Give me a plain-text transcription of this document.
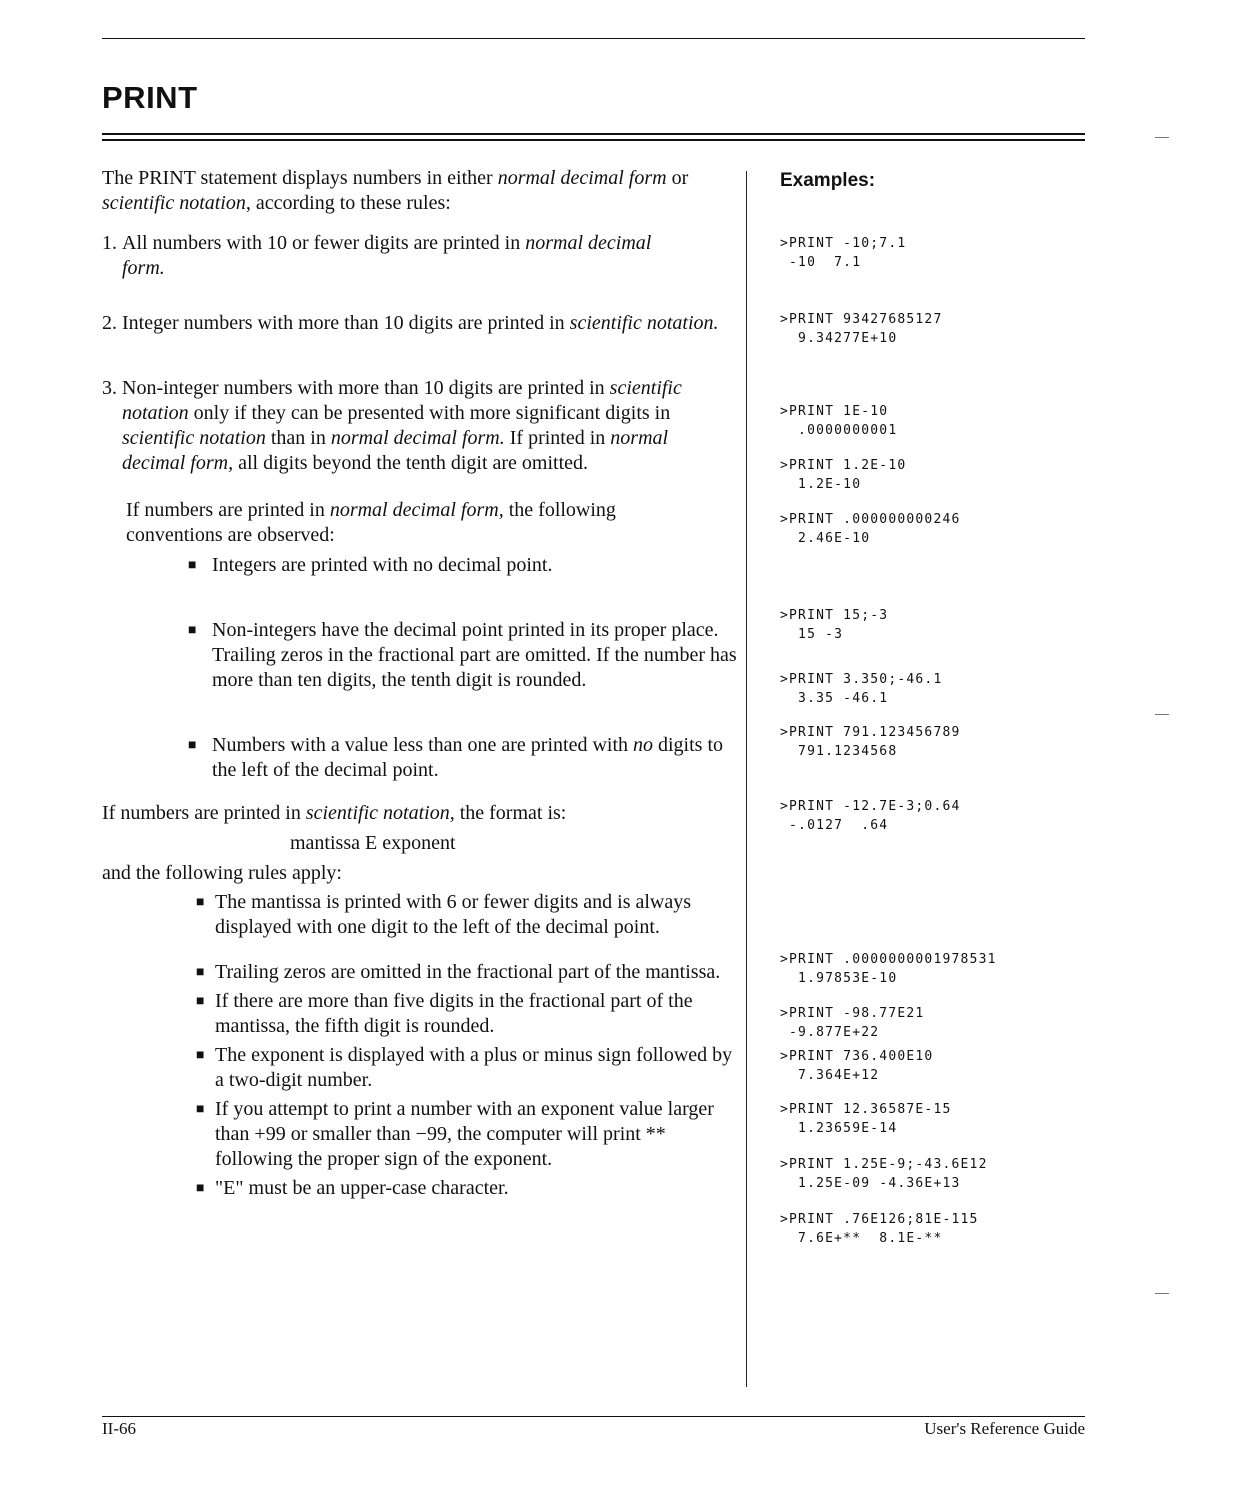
PRINT

The PRINT statement displays numbers in either normal decimal form or scientific notation, according to these rules:

1. All numbers with 10 or fewer digits are printed in normal decimal form.
2. Integer numbers with more than 10 digits are printed in scientific notation.
3. Non-integer numbers with more than 10 digits are printed in scientific notation only if they can be presented with more significant digits in scientific notation than in normal decimal form. If printed in normal decimal form, all digits beyond the tenth digit are omitted.

If numbers are printed in normal decimal form, the following conventions are observed:

■ Integers are printed with no decimal point.
■ Non-integers have the decimal point printed in its proper place. Trailing zeros in the fractional part are omitted. If the number has more than ten digits, the tenth digit is rounded.
■ Numbers with a value less than one are printed with no digits to the left of the decimal point.

If numbers are printed in scientific notation, the format is:

mantissa E exponent

and the following rules apply:

■ The mantissa is printed with 6 or fewer digits and is always displayed with one digit to the left of the decimal point.
■ Trailing zeros are omitted in the fractional part of the mantissa.
■ If there are more than five digits in the fractional part of the mantissa, the fifth digit is rounded.
■ The exponent is displayed with a plus or minus sign followed by a two-digit number.
■ If you attempt to print a number with an exponent value larger than +99 or smaller than −99, the computer will print ** following the proper sign of the exponent.
■ "E" must be an upper-case character.
Examples:
>PRINT -10;7.1
-10  7.1
>PRINT 93427685127
9.34277E+10
>PRINT 1E-10
.0000000001
>PRINT 1.2E-10
1.2E-10
>PRINT .000000000246
2.46E-10
>PRINT 15;-3
15 -3
>PRINT 3.350;-46.1
3.35 -46.1
>PRINT 791.123456789
791.1234568
>PRINT -12.7E-3;0.64
-.0127  .64
>PRINT .0000000001978531
1.97853E-10
>PRINT -98.77E21
-9.877E+22
>PRINT 736.400E10
7.364E+12
>PRINT 12.36587E-15
1.23659E-14
>PRINT 1.25E-9;-43.6E12
1.25E-09 -4.36E+13
>PRINT .76E126;81E-115
7.6E+**  8.1E-**
II-66	User's Reference Guide
